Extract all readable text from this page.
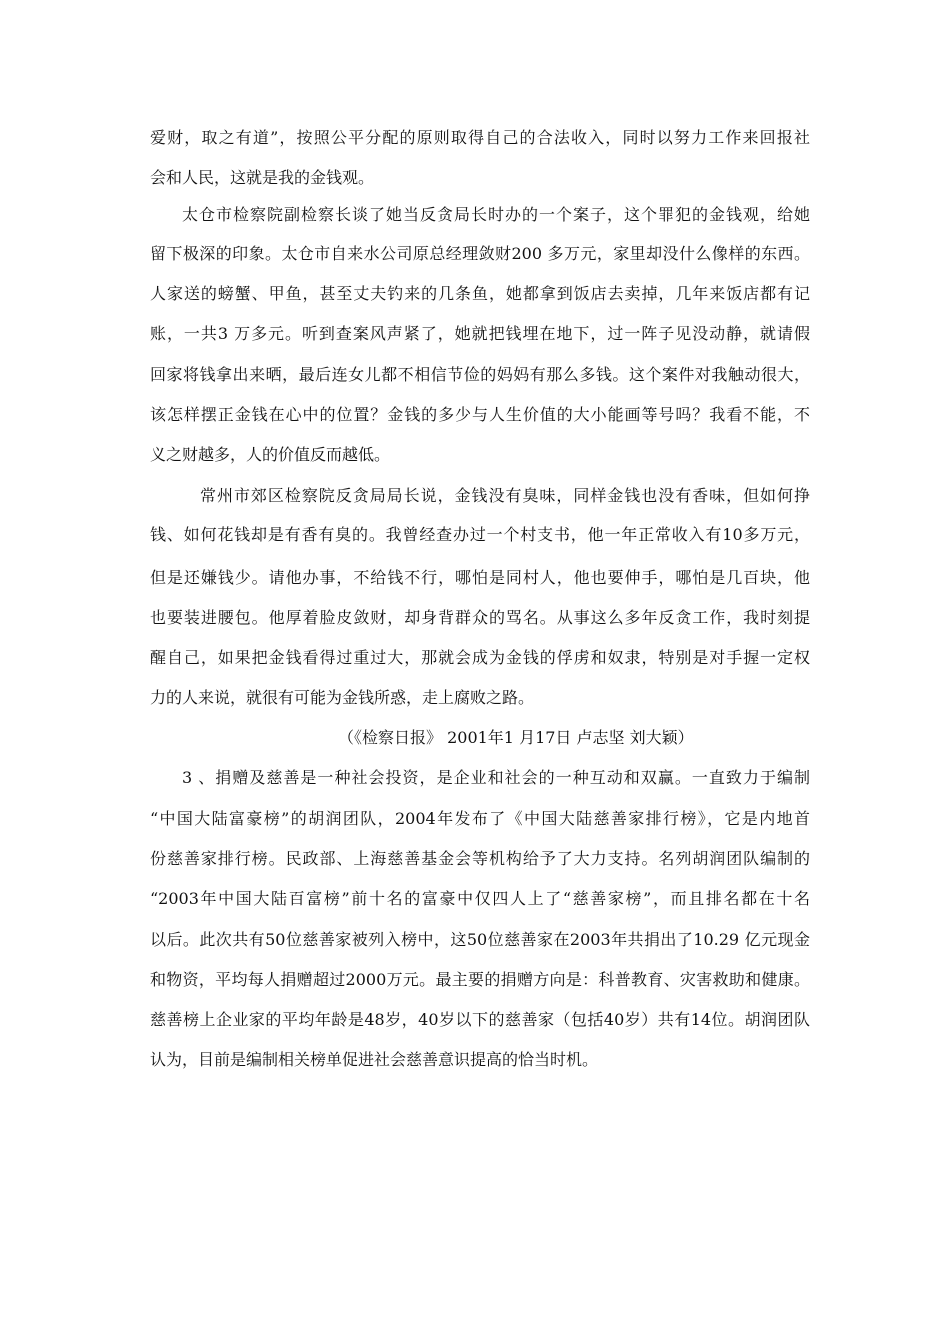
爱财，取之有道”，按照公平分配的原则取得自己的合法收入，同时以努力工作来回报社
会和人民，这就是我的金钱观。
太仓市检察院副检察长谈了她当反贪局长时办的一个案子，这个罪犯的金钱观，给她
留下极深的印象。太仓市自来水公司原总经理敛财200 多万元，家里却没什么像样的东西。
人家送的螃蟹、甲鱼，甚至丈夫钓来的几条鱼，她都拿到饭店去卖掉，几年来饭店都有记
账，一共3 万多元。听到查案风声紧了，她就把钱埋在地下，过一阵子见没动静，就请假
回家将钱拿出来晒，最后连女儿都不相信节俭的妈妈有那么多钱。这个案件对我触动很大，
该怎样摆正金钱在心中的位置？金钱的多少与人生价值的大小能画等号吗？我看不能，不
义之财越多，人的价值反而越低。
常州市郊区检察院反贪局局长说，金钱没有臭味，同样金钱也没有香味，但如何挣
钱、如何花钱却是有香有臭的。我曾经查办过一个村支书，他一年正常收入有10多万元，
但是还嫌钱少。请他办事，不给钱不行，哪怕是同村人，他也要伸手，哪怕是几百块，他
也要装进腰包。他厚着脸皮敛财，却身背群众的骂名。从事这么多年反贪工作，我时刻提
醒自己，如果把金钱看得过重过大，那就会成为金钱的俘虏和奴隶，特别是对手握一定权
力的人来说，就很有可能为金钱所惑，走上腐败之路。
（《检察日报》 2001年1 月17日 卢志坚 刘大颖）
3 、捐赠及慈善是一种社会投资，是企业和社会的一种互动和双赢。一直致力于编制
“中国大陆富豪榜”的胡润团队，2004年发布了《中国大陆慈善家排行榜》，它是内地首
份慈善家排行榜。民政部、上海慈善基金会等机构给予了大力支持。名列胡润团队编制的
“2003年中国大陆百富榜”前十名的富豪中仅四人上了“慈善家榜”，而且排名都在十名
以后。此次共有50位慈善家被列入榜中，这50位慈善家在2003年共捐出了10.29 亿元现金
和物资，平均每人捐赠超过2000万元。最主要的捐赠方向是：科普教育、灾害救助和健康。
慈善榜上企业家的平均年龄是48岁，40岁以下的慈善家（包括40岁）共有14位。胡润团队
认为，目前是编制相关榜单促进社会慈善意识提高的恰当时机。
